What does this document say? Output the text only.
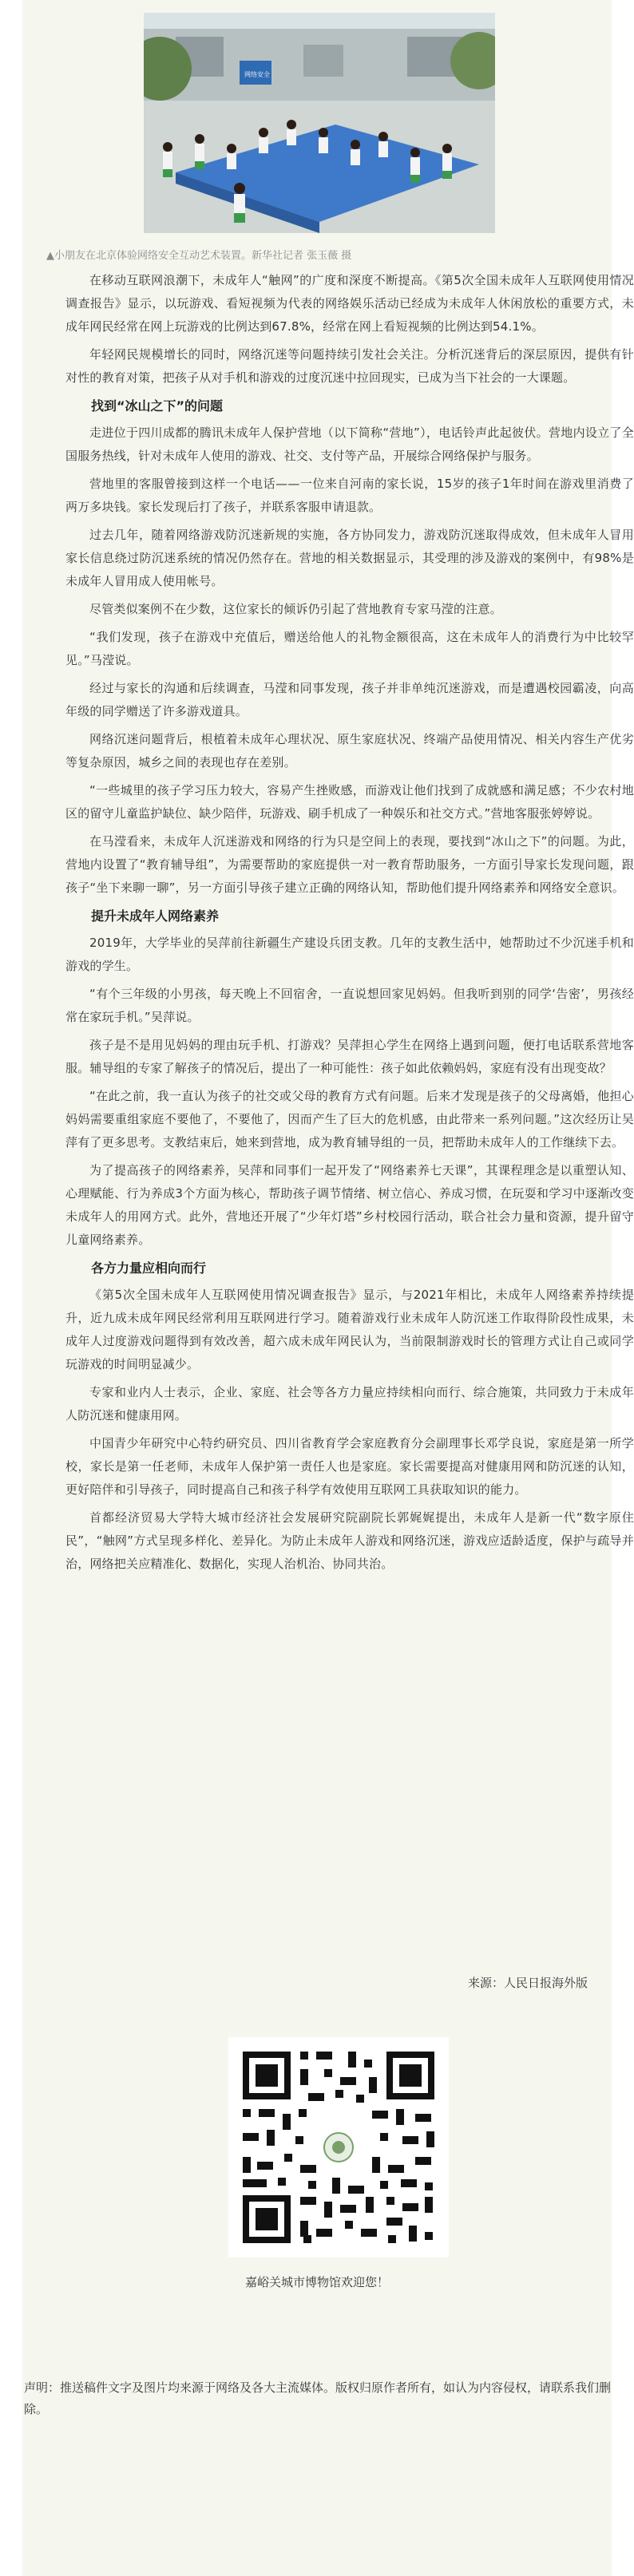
网络安全
▲小朋友在北京体验网络安全互动艺术装置。新华社记者 张玉薇 摄

在移动互联网浪潮下，未成年人“触网”的广度和深度不断提高。《第5次全国未成年人互联网使用情况调查报告》显示，以玩游戏、看短视频为代表的网络娱乐活动已经成为未成年人休闲放松的重要方式，未成年网民经常在网上玩游戏的比例达到67.8%，经常在网上看短视频的比例达到54.1%。

年轻网民规模增长的同时，网络沉迷等问题持续引发社会关注。分析沉迷背后的深层原因，提供有针对性的教育对策，把孩子从对手机和游戏的过度沉迷中拉回现实，已成为当下社会的一大课题。

找到“冰山之下”的问题

走进位于四川成都的腾讯未成年人保护营地（以下简称“营地”），电话铃声此起彼伏。营地内设立了全国服务热线，针对未成年人使用的游戏、社交、支付等产品，开展综合网络保护与服务。

营地里的客服曾接到这样一个电话——一位来自河南的家长说，15岁的孩子1年时间在游戏里消费了两万多块钱。家长发现后打了孩子，并联系客服申请退款。

过去几年，随着网络游戏防沉迷新规的实施，各方协同发力，游戏防沉迷取得成效，但未成年人冒用家长信息绕过防沉迷系统的情况仍然存在。营地的相关数据显示，其受理的涉及游戏的案例中，有98%是未成年人冒用成人使用帐号。

尽管类似案例不在少数，这位家长的倾诉仍引起了营地教育专家马滢的注意。

“我们发现，孩子在游戏中充值后，赠送给他人的礼物金额很高，这在未成年人的消费行为中比较罕见。”马滢说。

经过与家长的沟通和后续调查，马滢和同事发现，孩子并非单纯沉迷游戏，而是遭遇校园霸凌，向高年级的同学赠送了许多游戏道具。

网络沉迷问题背后，根植着未成年心理状况、原生家庭状况、终端产品使用情况、相关内容生产优劣等复杂原因，城乡之间的表现也存在差别。

“一些城里的孩子学习压力较大，容易产生挫败感，而游戏让他们找到了成就感和满足感；不少农村地区的留守儿童监护缺位、缺少陪伴，玩游戏、刷手机成了一种娱乐和社交方式。”营地客服张婷婷说。

在马滢看来，未成年人沉迷游戏和网络的行为只是空间上的表现，要找到“冰山之下”的问题。为此，营地内设置了“教育辅导组”，为需要帮助的家庭提供一对一教育帮助服务，一方面引导家长发现问题，跟孩子“坐下来聊一聊”，另一方面引导孩子建立正确的网络认知，帮助他们提升网络素养和网络安全意识。

提升未成年人网络素养

2019年，大学毕业的吴萍前往新疆生产建设兵团支教。几年的支教生活中，她帮助过不少沉迷手机和游戏的学生。

“有个三年级的小男孩，每天晚上不回宿舍，一直说想回家见妈妈。但我听到别的同学‘告密’，男孩经常在家玩手机。”吴萍说。

孩子是不是用见妈妈的理由玩手机、打游戏？吴萍担心学生在网络上遇到问题，便打电话联系营地客服。辅导组的专家了解孩子的情况后，提出了一种可能性：孩子如此依赖妈妈，家庭有没有出现变故？

“在此之前，我一直认为孩子的社交或父母的教育方式有问题。后来才发现是孩子的父母离婚，他担心妈妈需要重组家庭不要他了，不要他了，因而产生了巨大的危机感，由此带来一系列问题。”这次经历让吴萍有了更多思考。支教结束后，她来到营地，成为教育辅导组的一员，把帮助未成年人的工作继续下去。

为了提高孩子的网络素养，吴萍和同事们一起开发了“网络素养七天课”，其课程理念是以重塑认知、心理赋能、行为养成3个方面为核心，帮助孩子调节情绪、树立信心、养成习惯，在玩耍和学习中逐渐改变未成年人的用网方式。此外，营地还开展了“少年灯塔”乡村校园行活动，联合社会力量和资源，提升留守儿童网络素养。

各方力量应相向而行

《第5次全国未成年人互联网使用情况调查报告》显示，与2021年相比，未成年人网络素养持续提升，近九成未成年网民经常利用互联网进行学习。随着游戏行业未成年人防沉迷工作取得阶段性成果，未成年人过度游戏问题得到有效改善，超六成未成年网民认为，当前限制游戏时长的管理方式让自己或同学玩游戏的时间明显减少。

专家和业内人士表示，企业、家庭、社会等各方力量应持续相向而行、综合施策，共同致力于未成年人防沉迷和健康用网。

中国青少年研究中心特约研究员、四川省教育学会家庭教育分会副理事长邓学良说，家庭是第一所学校，家长是第一任老师，未成年人保护第一责任人也是家庭。家长需要提高对健康用网和防沉迷的认知，更好陪伴和引导孩子，同时提高自己和孩子科学有效使用互联网工具获取知识的能力。

首都经济贸易大学特大城市经济社会发展研究院副院长郭娓娓提出，未成年人是新一代“数字原住民”，“触网”方式呈现多样化、差异化。为防止未成年人游戏和网络沉迷，游戏应适龄适度，保护与疏导并治，网络把关应精准化、数据化，实现人治机治、协同共治。

来源：人民日报海外版
嘉峪关城市博物馆欢迎您！
声明：推送稿件文字及图片均来源于网络及各大主流媒体。版权归原作者所有，如认为内容侵权，请联系我们删除。
